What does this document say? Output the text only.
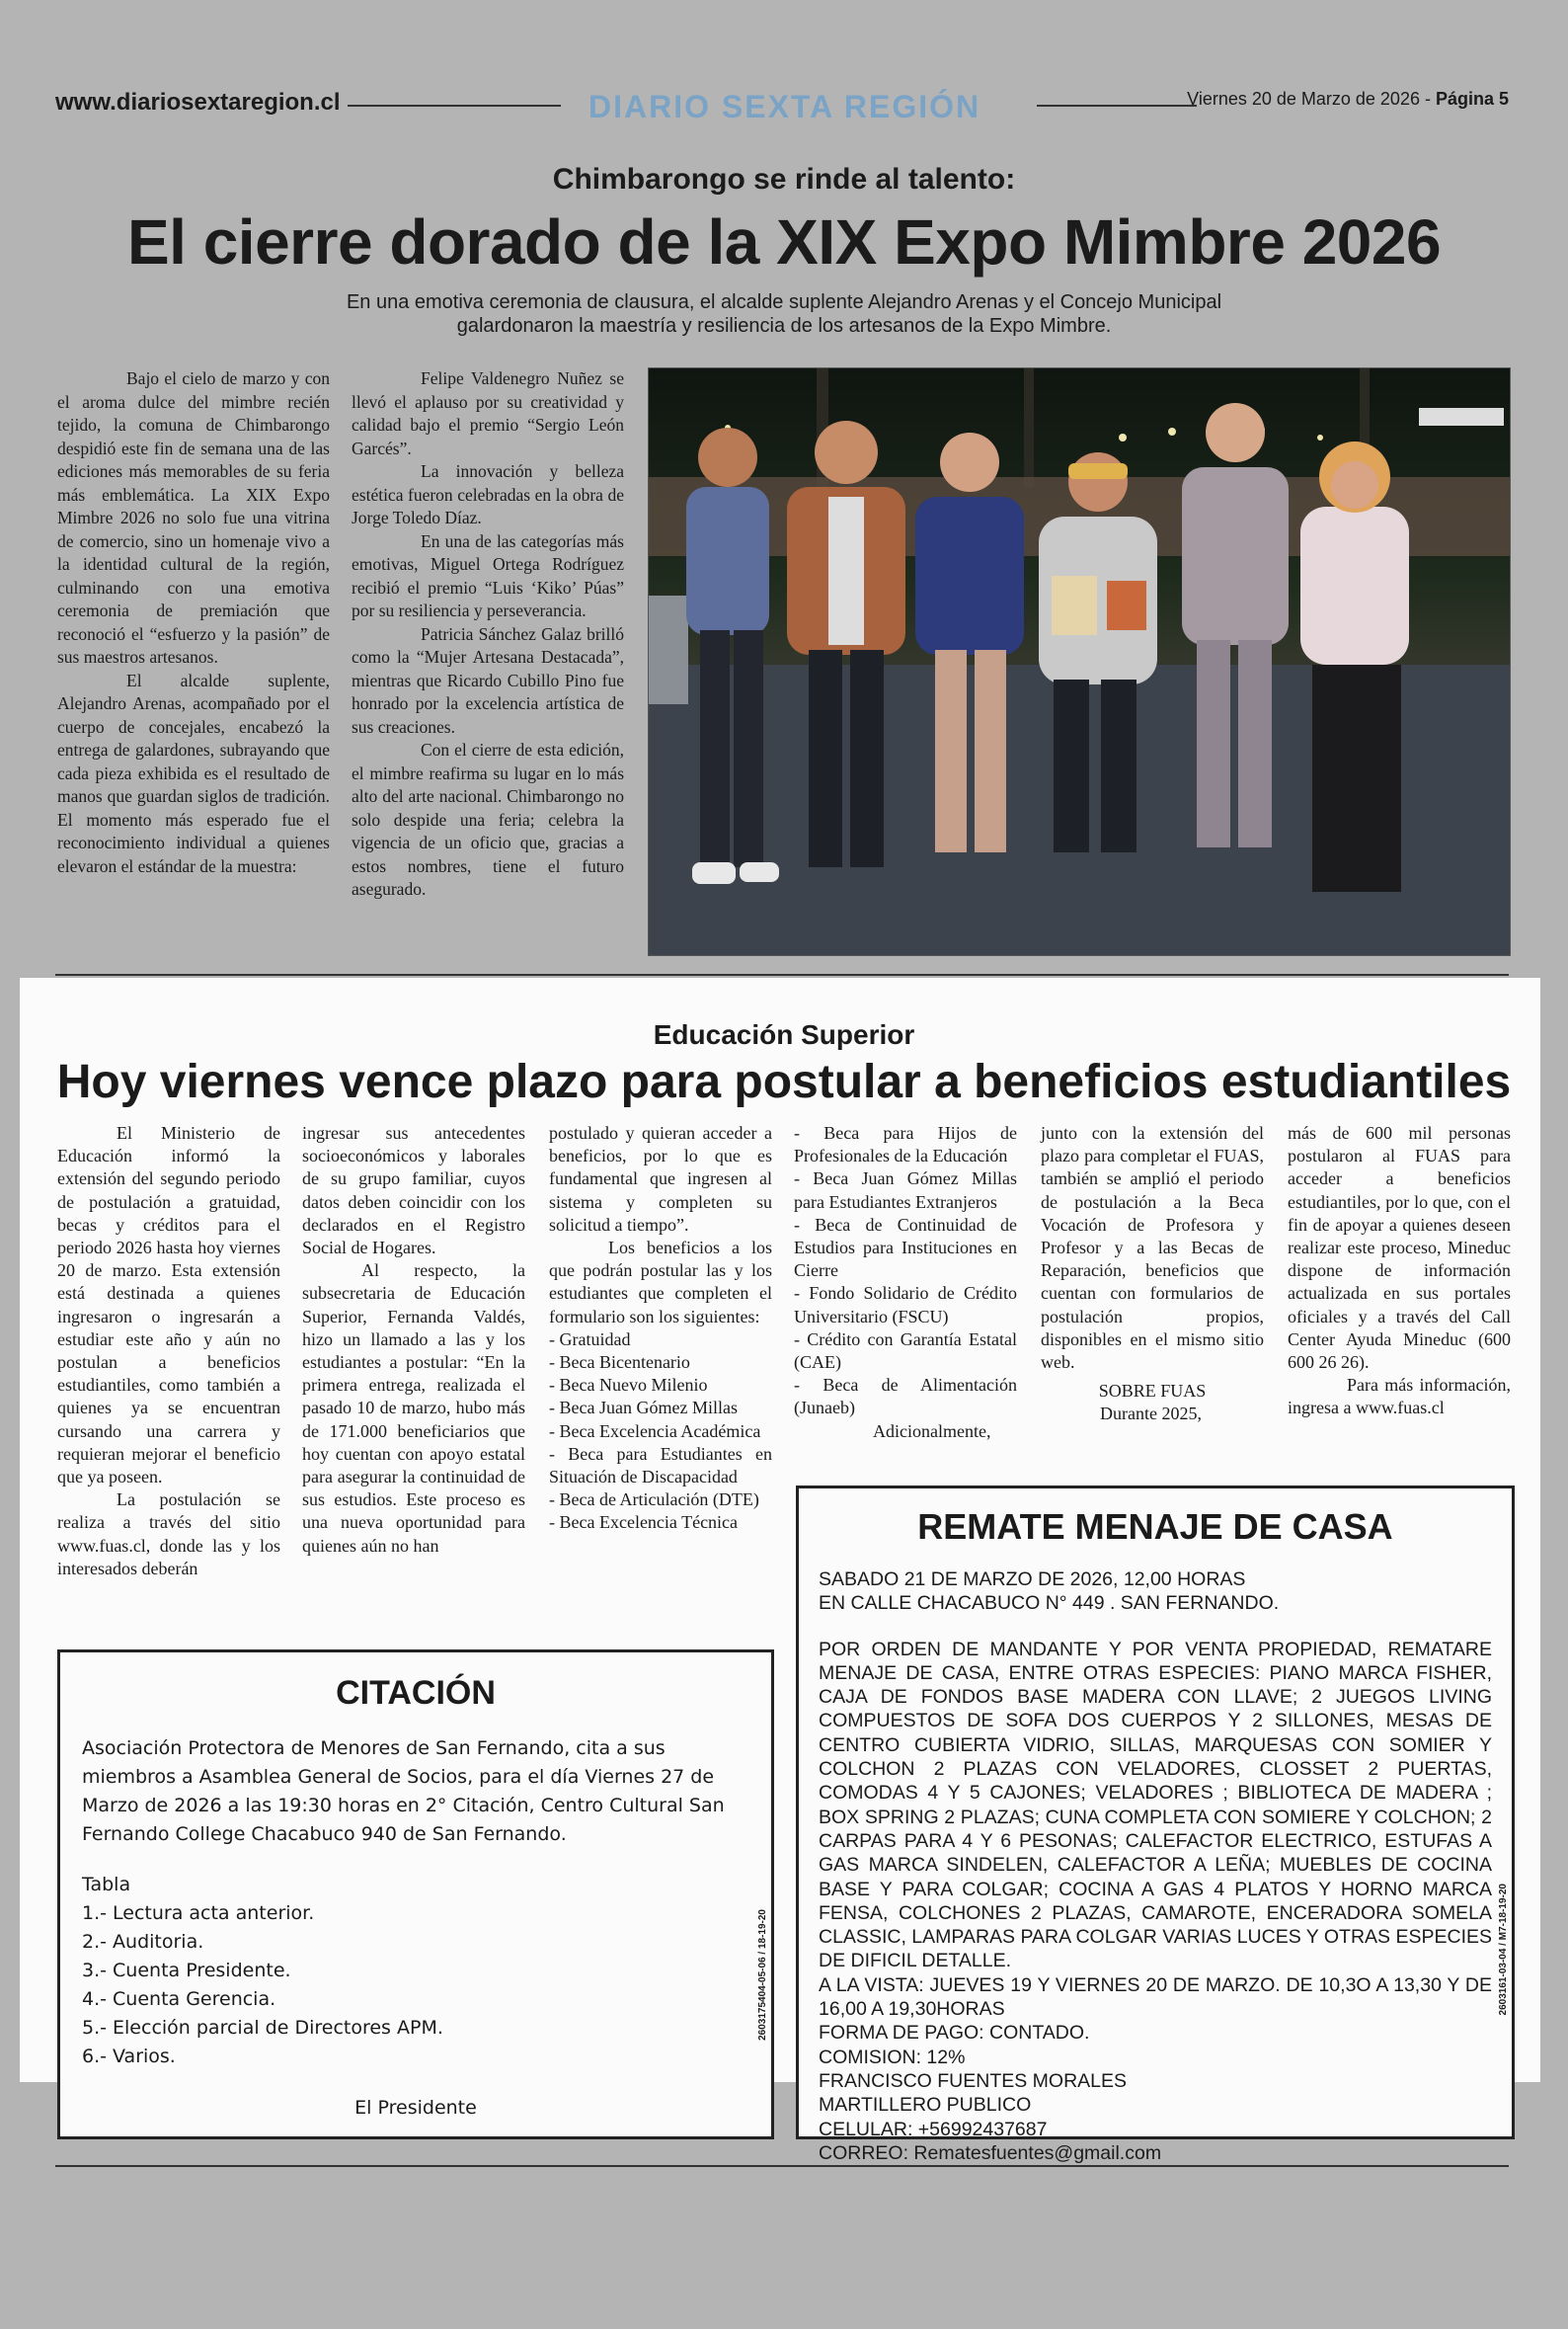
www.diariosextaregion.cl	DIARIO SEXTA REGIÓN	Viernes 20 de Marzo de 2026 - Página 5
Chimbarongo se rinde al talento:
El cierre dorado de la XIX Expo Mimbre 2026
En una emotiva ceremonia de clausura, el alcalde suplente Alejandro Arenas y el Concejo Municipal galardonaron la maestría y resiliencia de los artesanos de la Expo Mimbre.

Bajo el cielo de marzo y con el aroma dulce del mimbre recién tejido, la comuna de Chimbarongo despidió este fin de semana una de las ediciones más memorables de su feria más emblemática. La XIX Expo Mimbre 2026 no solo fue una vitrina de comercio, sino un homenaje vivo a la identidad cultural de la región, culminando con una emotiva ceremonia de premiación que reconoció el “esfuerzo y la pasión” de sus maestros artesanos.

El alcalde suplente, Alejandro Arenas, acompañado por el cuerpo de concejales, encabezó la entrega de galardones, subrayando que cada pieza exhibida es el resultado de manos que guardan siglos de tradición. El momento más esperado fue el reconocimiento individual a quienes elevaron el estándar de la muestra:

Felipe Valdenegro Nuñez se llevó el aplauso por su creatividad y calidad bajo el premio “Sergio León Garcés”.

La innovación y belleza estética fueron celebradas en la obra de Jorge Toledo Díaz.

En una de las categorías más emotivas, Miguel Ortega Rodríguez recibió el premio “Luis ‘Kiko’ Púas” por su resiliencia y perseverancia.

Patricia Sánchez Galaz brilló como la “Mujer Artesana Destacada”, mientras que Ricardo Cubillo Pino fue honrado por la excelencia artística de sus creaciones.

Con el cierre de esta edición, el mimbre reafirma su lugar en lo más alto del arte nacional. Chimbarongo no solo despide una feria; celebra la vigencia de un oficio que, gracias a estos nombres, tiene el futuro asegurado.

Educación Superior
Hoy viernes vence plazo para postular a beneficios estudiantiles

El Ministerio de Educación informó la extensión del segundo periodo de postulación a gratuidad, becas y créditos para el periodo 2026 hasta hoy viernes 20 de marzo. Esta extensión está destinada a quienes ingresaron o ingresarán a estudiar este año y aún no postulan a beneficios estudiantiles, como también a quienes ya se encuentran cursando una carrera y requieran mejorar el beneficio que ya poseen.

La postulación se realiza a través del sitio www.fuas.cl, donde las y los interesados deberán

ingresar sus antecedentes socioeconómicos y laborales de su grupo familiar, cuyos datos deben coincidir con los declarados en el Registro Social de Hogares.

Al respecto, la subsecretaria de Educación Superior, Fernanda Valdés, hizo un llamado a las y los estudiantes a postular: “En la primera entrega, realizada el pasado 10 de marzo, hubo más de 171.000 beneficiarios que hoy cuentan con apoyo estatal para asegurar la continuidad de sus estudios. Este proceso es una nueva oportunidad para quienes aún no han

postulado y quieran acceder a beneficios, por lo que es fundamental que ingresen al sistema y completen su solicitud a tiempo”.

Los beneficios a los que podrán postular las y los estudiantes que completen el formulario son los siguientes:

- Gratuidad
- Beca Bicentenario
- Beca Nuevo Milenio
- Beca Juan Gómez Millas
- Beca Excelencia Académica
- Beca para Estudiantes en Situación de Discapacidad
- Beca de Articulación (DTE)
- Beca Excelencia Técnica
- Beca para Hijos de Profesionales de la Educación
- Beca Juan Gómez Millas para Estudiantes Extranjeros
- Beca de Continuidad de Estudios para Instituciones en Cierre
- Fondo Solidario de Crédito Universitario (FSCU)
- Crédito con Garantía Estatal (CAE)
- Beca de Alimentación (Junaeb)

Adicionalmente,

junto con la extensión del plazo para completar el FUAS, también se amplió el periodo de postulación a la Beca Vocación de Profesora y Profesor y a las Becas de Reparación, beneficios que cuentan con formularios de postulación propios, disponibles en el mismo sitio web.

SOBRE FUAS

Durante 2025,

más de 600 mil personas postularon al FUAS para acceder a beneficios estudiantiles, por lo que, con el fin de apoyar a quienes deseen realizar este proceso, Mineduc dispone de información actualizada en sus portales oficiales y a través del Call Center Ayuda Mineduc (600 600 26 26).

Para más información, ingresa a www.fuas.cl

CITACIÓN
Asociación Protectora de Menores de San Fernando, cita a sus miembros a Asamblea General de Socios, para el día Viernes 27 de Marzo de 2026 a las 19:30 horas en 2° Citación, Centro Cultural San Fernando College Chacabuco 940 de San Fernando.
Tabla
1.- Lectura acta anterior.
2.- Auditoria.
3.- Cuenta Presidente.
4.- Cuenta Gerencia.
5.- Elección parcial de Directores APM.
6.- Varios.
El Presidente
2603175404-05-06 / 18-19-20
REMATE MENAJE DE CASA
SABADO 21 DE MARZO DE 2026, 12,00 HORAS
EN CALLE CHACABUCO N° 449 . SAN FERNANDO.
POR ORDEN DE MANDANTE Y POR VENTA PROPIEDAD, REMATARE MENAJE DE CASA, ENTRE OTRAS ESPECIES: PIANO MARCA FISHER, CAJA DE FONDOS BASE MADERA CON LLAVE; 2 JUEGOS LIVING COMPUESTOS DE SOFA DOS CUERPOS Y 2 SILLONES, MESAS DE CENTRO CUBIERTA VIDRIO, SILLAS, MARQUESAS CON SOMIER Y COLCHON 2 PLAZAS CON VELADORES, CLOSSET 2 PUERTAS, COMODAS 4 Y 5 CAJONES; VELADORES ; BIBLIOTECA DE MADERA ; BOX SPRING 2 PLAZAS; CUNA COMPLETA CON SOMIERE Y COLCHON; 2 CARPAS PARA 4 Y 6 PESONAS; CALEFACTOR ELECTRICO, ESTUFAS A GAS MARCA SINDELEN, CALEFACTOR A LEÑA; MUEBLES DE COCINA BASE Y PARA COLGAR; COCINA A GAS 4 PLATOS Y HORNO MARCA FENSA, COLCHONES 2 PLAZAS, CAMAROTE, ENCERADORA SOMELA CLASSIC, LAMPARAS PARA COLGAR VARIAS LUCES Y OTRAS ESPECIES DE DIFICIL DETALLE.
A LA VISTA: JUEVES 19 Y VIERNES 20 DE MARZO. DE 10,3O A 13,30 Y DE 16,00 A 19,30HORAS
FORMA DE PAGO: CONTADO.
COMISION: 12%
FRANCISCO FUENTES MORALES
MARTILLERO PUBLICO
CELULAR: +56992437687
CORREO: Rematesfuentes@gmail.com
2603161-03-04 / M7-18-19-20
